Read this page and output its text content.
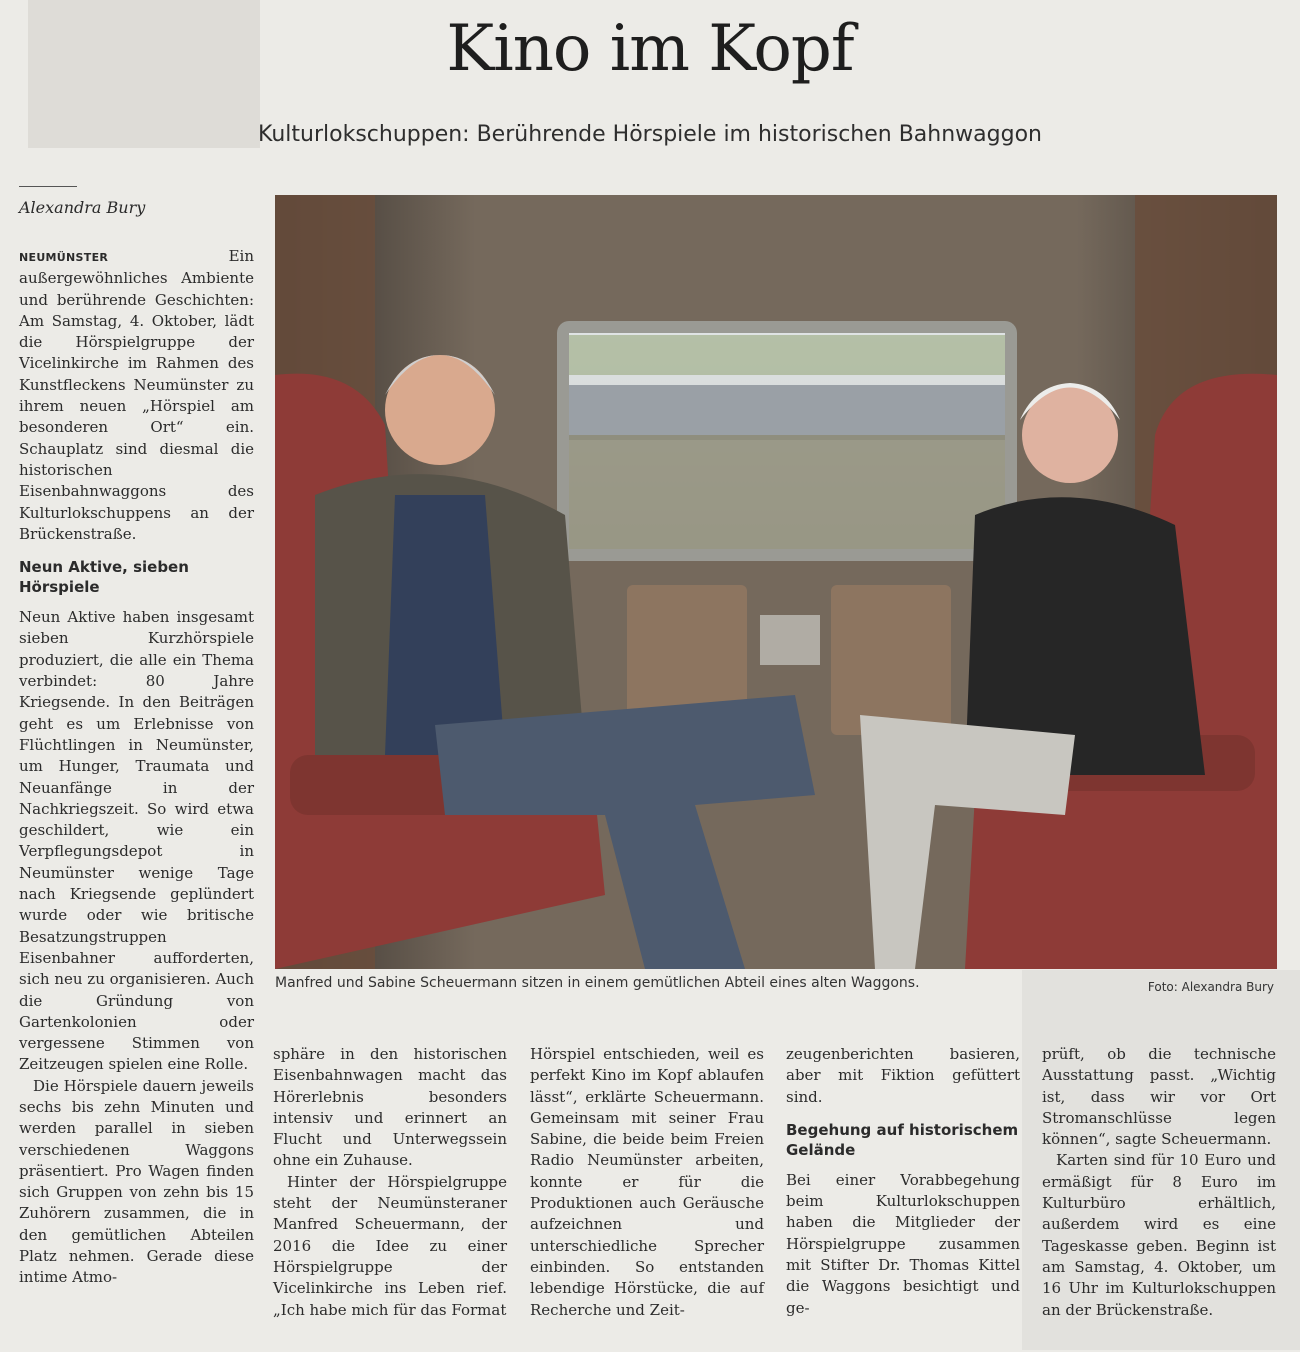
Kino im Kopf
Kulturlokschuppen: Berührende Hörspiele im historischen Bahnwaggon
Alexandra Bury

NEUMÜNSTER	Ein außergewöhnliches Ambiente und berührende Geschichten: Am Samstag, 4. Oktober, lädt die Hörspielgruppe der Vicelinkirche im Rahmen des Kunstfleckens Neumünster zu ihrem neuen „Hörspiel am besonderen Ort“ ein. Schauplatz sind diesmal die historischen Eisenbahnwaggons des Kulturlokschuppens an der Brückenstraße.

Neun Aktive, sieben Hörspiele

Neun Aktive haben insgesamt sieben Kurzhörspiele produziert, die alle ein Thema verbindet: 80 Jahre Kriegsende. In den Beiträgen geht es um Erlebnisse von Flüchtlingen in Neumünster, um Hunger, Traumata und Neuanfänge in der Nachkriegszeit. So wird etwa geschildert, wie ein Verpflegungsdepot in Neumünster wenige Tage nach Kriegsende geplündert wurde oder wie britische Besatzungstruppen Eisenbahner aufforderten, sich neu zu organisieren. Auch die Gründung von Gartenkolonien oder vergessene Stimmen von Zeitzeugen spielen eine Rolle.

Die Hörspiele dauern jeweils sechs bis zehn Minuten und werden parallel in sieben verschiedenen Waggons präsentiert. Pro Wagen finden sich Gruppen von zehn bis 15 Zuhörern zusammen, die in den gemütlichen Abteilen Platz nehmen. Gerade diese intime Atmo-

Manfred und Sabine Scheuermann sitzen in einem gemütlichen Abteil eines alten Waggons.	Foto: Alexandra Bury

sphäre in den historischen Eisenbahnwagen macht das Hörerlebnis besonders intensiv und erinnert an Flucht und Unterwegssein ohne ein Zuhause.

Hinter der Hörspielgruppe steht der Neumünsteraner Manfred Scheuermann, der 2016 die Idee zu einer Hörspielgruppe der Vicelinkirche ins Leben rief. „Ich habe mich für das Format

Hörspiel entschieden, weil es perfekt Kino im Kopf ablaufen lässt“, erklärte Scheuermann. Gemeinsam mit seiner Frau Sabine, die beide beim Freien Radio Neumünster arbeiten, konnte er für die Produktionen auch Geräusche aufzeichnen und unterschiedliche Sprecher einbinden. So entstanden lebendige Hörstücke, die auf Recherche und Zeit-

zeugenberichten basieren, aber mit Fiktion gefüttert sind.

Begehung auf historischem Gelände

Bei einer Vorabbegehung beim Kulturlokschuppen haben die Mitglieder der Hörspielgruppe zusammen mit Stifter Dr. Thomas Kittel die Waggons besichtigt und ge-

prüft, ob die technische Ausstattung passt. „Wichtig ist, dass wir vor Ort Stromanschlüsse legen können“, sagte Scheuermann.

Karten sind für 10 Euro und ermäßigt für 8 Euro im Kulturbüro erhältlich, außerdem wird es eine Tageskasse geben. Beginn ist am Samstag, 4. Oktober, um 16 Uhr im Kulturlokschuppen an der Brückenstraße.
